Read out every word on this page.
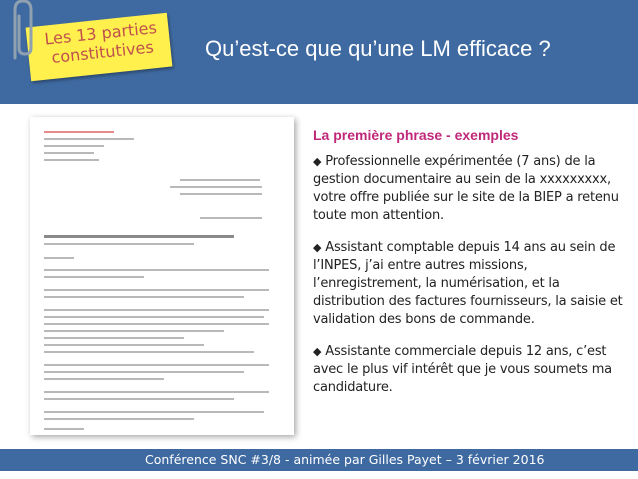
Qu’est-ce que qu’une LM efficace ?
Les 13 parties constitutives
La première phrase - exemples

◆ Professionnelle expérimentée (7 ans) de la gestion documentaire au sein de la xxxxxxxxx, votre offre publiée sur le site de la BIEP a retenu toute mon attention.

◆ Assistant comptable depuis 14 ans au sein de l’INPES, j’ai entre autres missions, l’enregistrement, la numérisation, et la distribution des factures fournisseurs, la saisie et validation des bons de commande.

◆ Assistante commerciale depuis 12 ans, c’est avec le plus vif intérêt que je vous soumets ma candidature.

Conférence SNC #3/8 - animée par Gilles Payet – 3 février 2016
